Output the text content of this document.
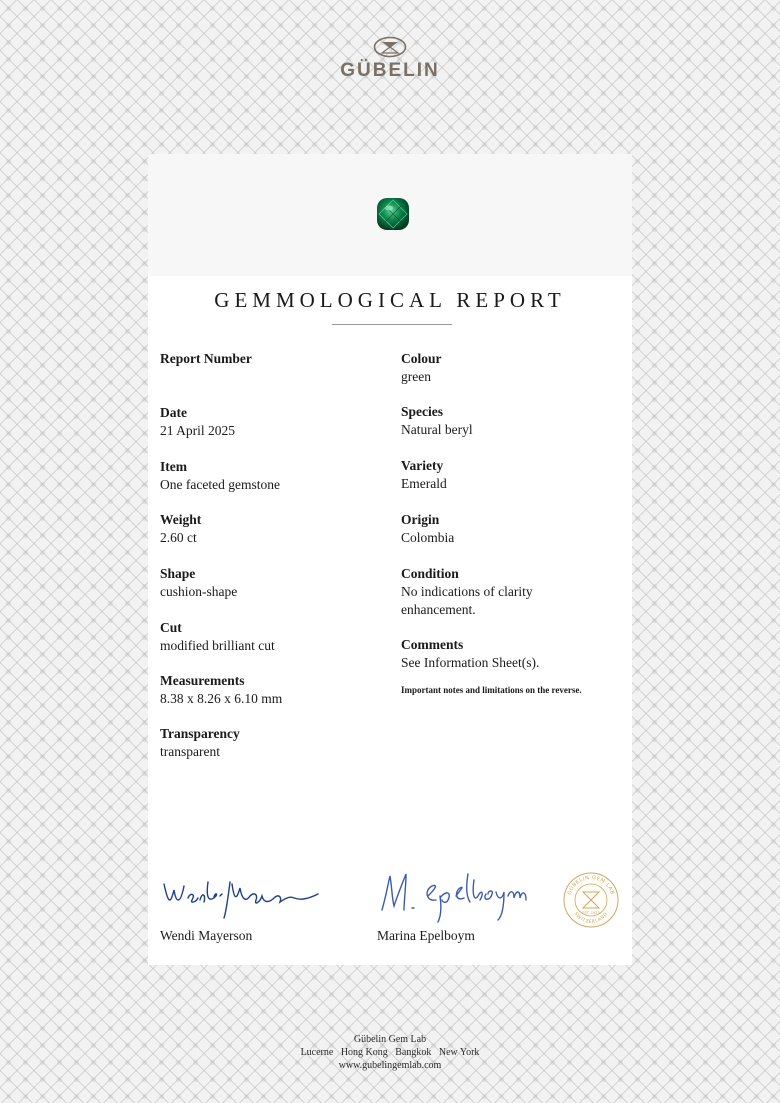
GÜBELIN
GEMMOLOGICAL REPORT
Report Number
Date
21 April 2025
Item
One faceted gemstone
Weight
2.60 ct
Shape
cushion-shape
Cut
modified brilliant cut
Measurements
8.38 x 8.26 x 6.10 mm
Transparency
transparent
Colour
green
Species
Natural beryl
Variety
Emerald
Origin
Colombia
Condition
No indications of clarity enhancement.
Comments
See Information Sheet(s).
Important notes and limitations on the reverse.
Wendi Mayerson	Marina Epelboym
GÜBELIN GEM LAB
SWITZERLAND
EST. 1923
Gübelin Gem Lab
Lucerne   Hong Kong   Bangkok   New York
www.gubelingemlab.com
